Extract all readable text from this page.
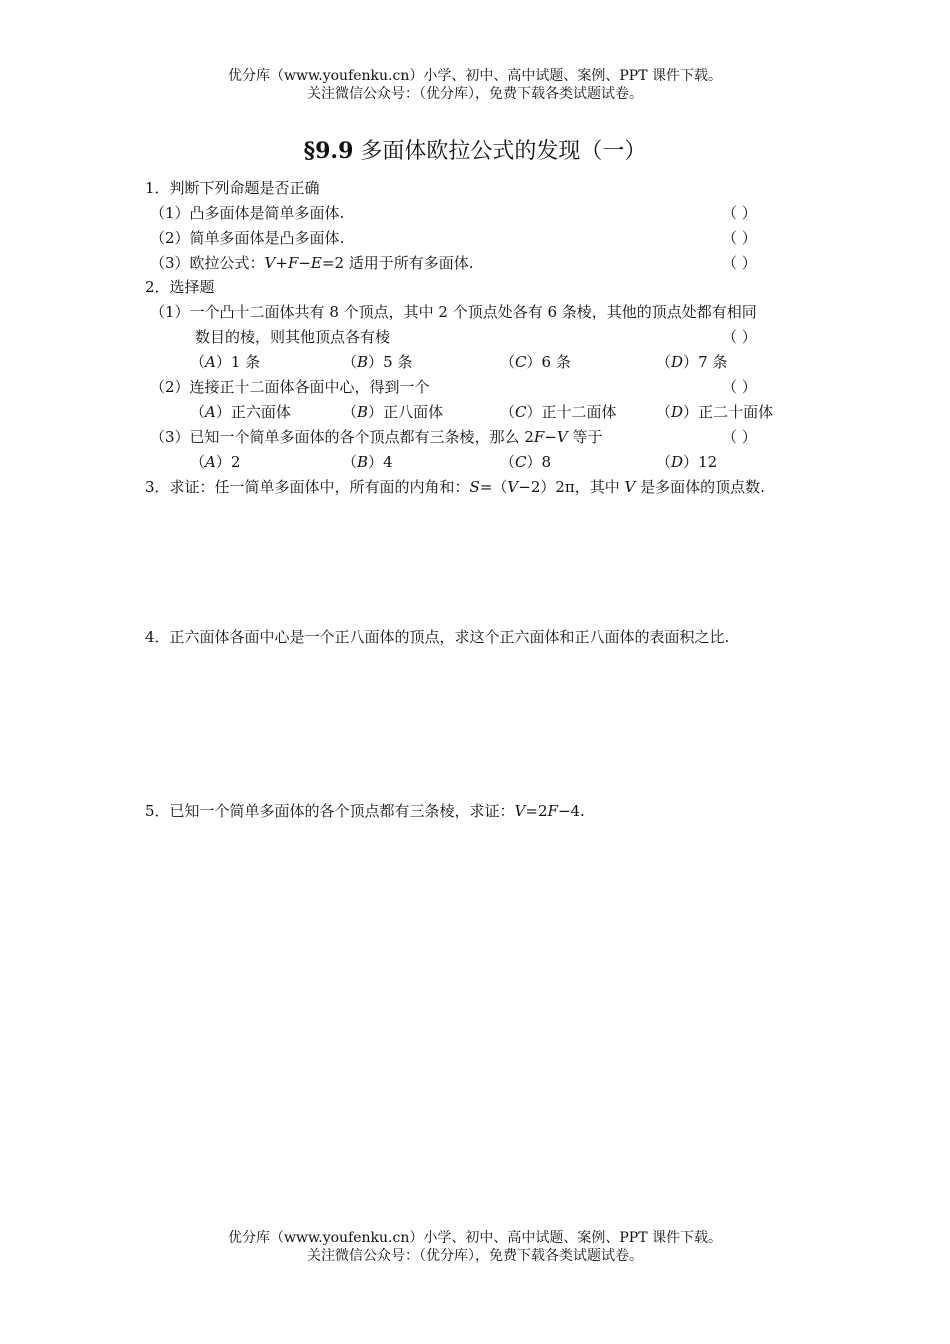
优分库（www.youfenku.cn）小学、初中、高中试题、案例、PPT 课件下载。
关注微信公众号：（优分库），免费下载各类试题试卷。
§9.9 多面体欧拉公式的发现（一）
1．判断下列命题是否正确
（1）凸多面体是简单多面体.	（ ）
（2）简单多面体是凸多面体.	（ ）
（3）欧拉公式：V+F−E=2 适用于所有多面体.	（ ）
2．选择题
（1）一个凸十二面体共有 8 个顶点，其中 2 个顶点处各有 6 条棱，其他的顶点处都有相同
数目的棱，则其他顶点各有棱	（ ）
（A）1 条	（B）5 条	（C）6 条	（D）7 条
（2）连接正十二面体各面中心，得到一个	（ ）
（A）正六面体	（B）正八面体	（C）正十二面体	（D）正二十面体
（3）已知一个简单多面体的各个顶点都有三条棱，那么 2F−V 等于	（ ）
（A）2	（B）4	（C）8	（D）12
3．求证：任一简单多面体中，所有面的内角和：S=（V−2）2π，其中 V 是多面体的顶点数.
4．正六面体各面中心是一个正八面体的顶点，求这个正六面体和正八面体的表面积之比.
5．已知一个简单多面体的各个顶点都有三条棱，求证：V=2F−4.
优分库（www.youfenku.cn）小学、初中、高中试题、案例、PPT 课件下载。
关注微信公众号：（优分库），免费下载各类试题试卷。
